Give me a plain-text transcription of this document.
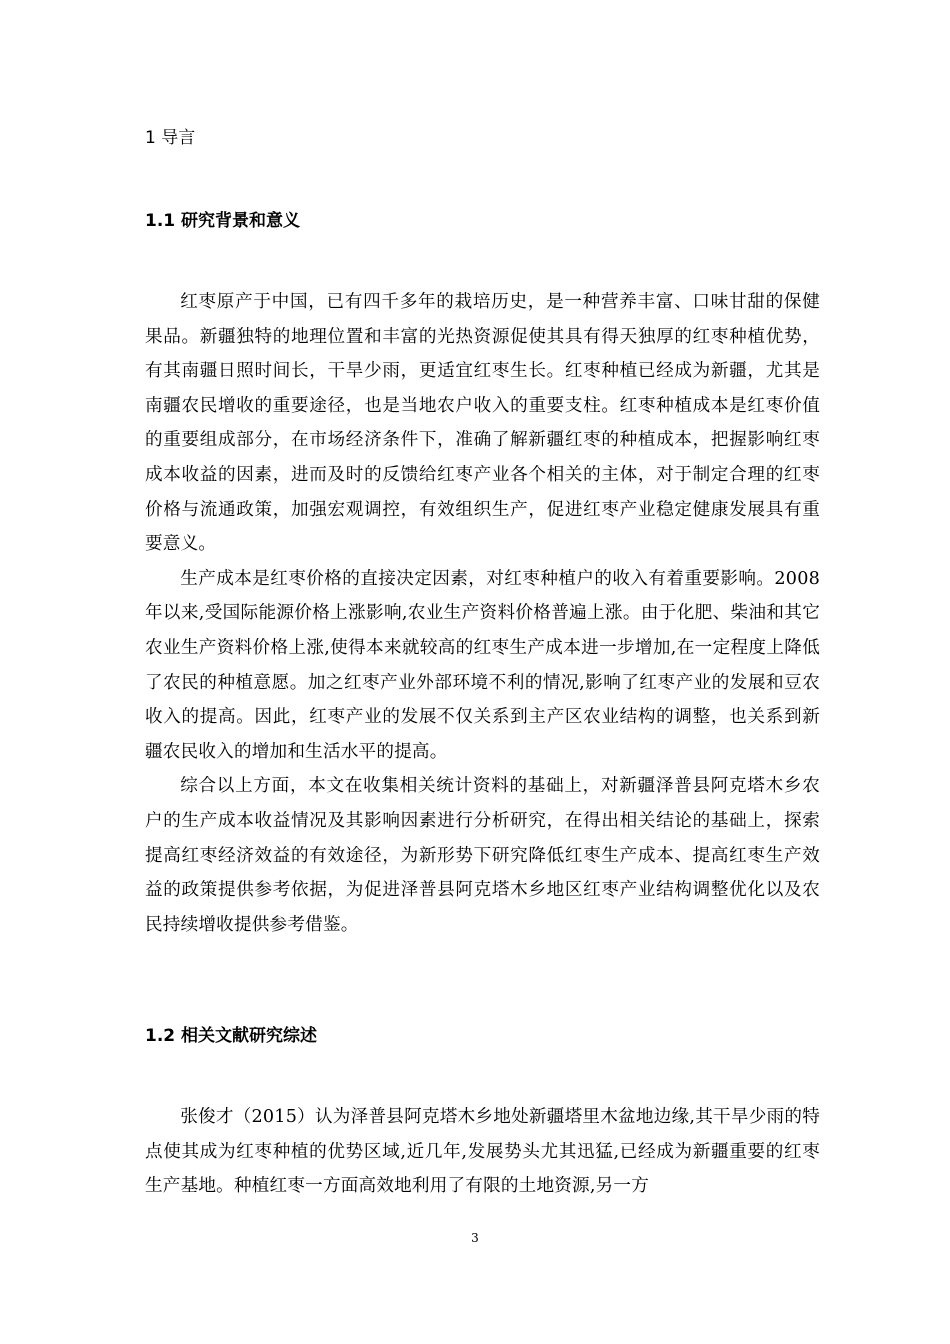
1 导言
1.1 研究背景和意义

红枣原产于中国，已有四千多年的栽培历史，是一种营养丰富、口味甘甜的保健果品。新疆独特的地理位置和丰富的光热资源促使其具有得天独厚的红枣种植优势，有其南疆日照时间长，干旱少雨，更适宜红枣生长。红枣种植已经成为新疆，尤其是南疆农民增收的重要途径，也是当地农户收入的重要支柱。红枣种植成本是红枣价值的重要组成部分，在市场经济条件下，准确了解新疆红枣的种植成本，把握影响红枣成本收益的因素，进而及时的反馈给红枣产业各个相关的主体，对于制定合理的红枣价格与流通政策，加强宏观调控，有效组织生产，促进红枣产业稳定健康发展具有重要意义。

生产成本是红枣价格的直接决定因素，对红枣种植户的收入有着重要影响。2008年以来,受国际能源价格上涨影响,农业生产资料价格普遍上涨。由于化肥、柴油和其它农业生产资料价格上涨,使得本来就较高的红枣生产成本进一步增加,在一定程度上降低了农民的种植意愿。加之红枣产业外部环境不利的情况,影响了红枣产业的发展和豆农收入的提高。因此，红枣产业的发展不仅关系到主产区农业结构的调整，也关系到新疆农民收入的增加和生活水平的提高。

综合以上方面，本文在收集相关统计资料的基础上，对新疆泽普县阿克塔木乡农户的生产成本收益情况及其影响因素进行分析研究，在得出相关结论的基础上，探索提高红枣经济效益的有效途径，为新形势下研究降低红枣生产成本、提高红枣生产效益的政策提供参考依据，为促进泽普县阿克塔木乡地区红枣产业结构调整优化以及农民持续增收提供参考借鉴。

1.2 相关文献研究综述

张俊才（2015）认为泽普县阿克塔木乡地处新疆塔里木盆地边缘,其干旱少雨的特点使其成为红枣种植的优势区域,近几年,发展势头尤其迅猛,已经成为新疆重要的红枣生产基地。种植红枣一方面高效地利用了有限的土地资源,另一方

3
